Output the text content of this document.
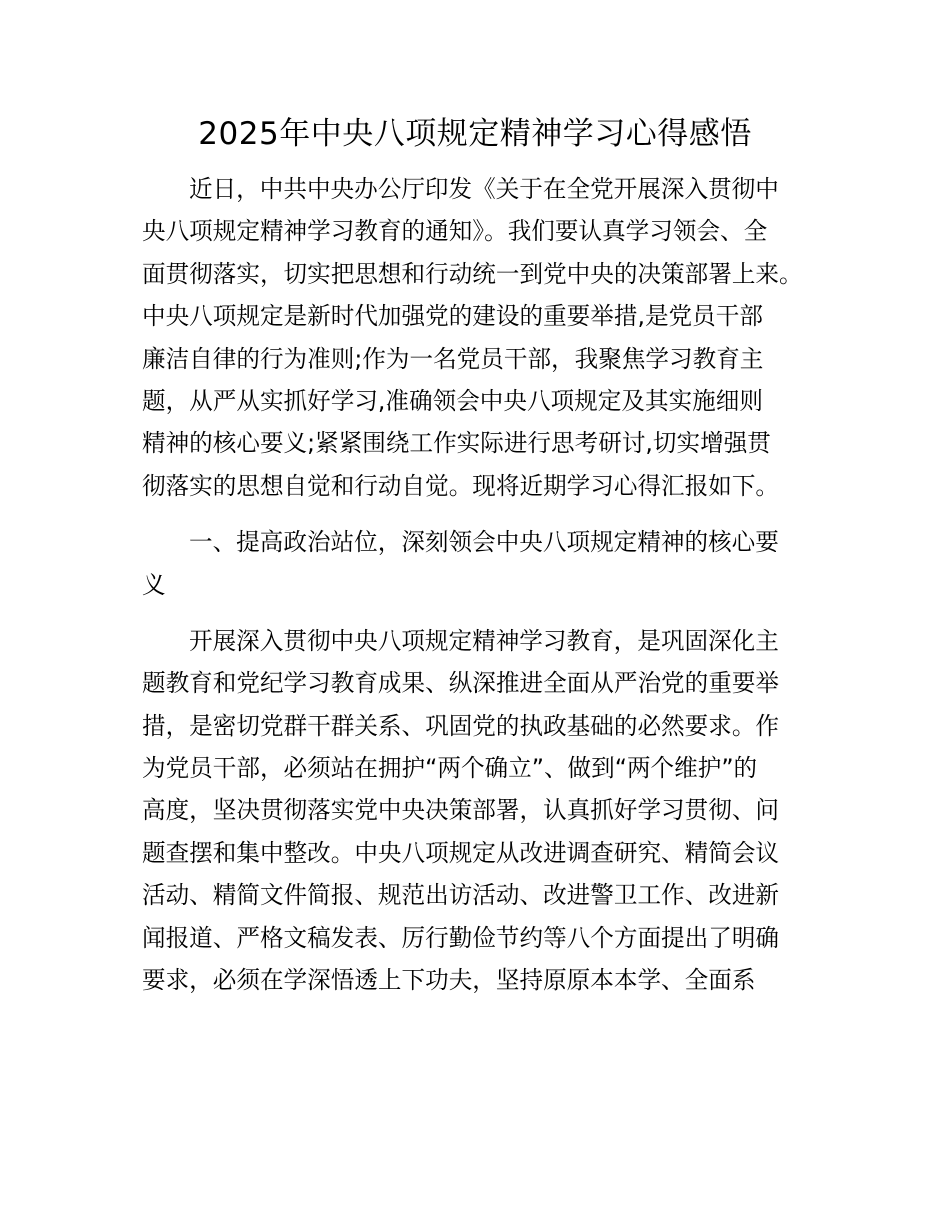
2025年中央八项规定精神学习心得感悟
近日，中共中央办公厅印发《关于在全党开展深入贯彻中
央八项规定精神学习教育的通知》。我们要认真学习领会、全
面贯彻落实，切实把思想和行动统一到党中央的决策部署上来。
中央八项规定是新时代加强党的建设的重要举措,是党员干部
廉洁自律的行为准则;作为一名党员干部，我聚焦学习教育主
题，从严从实抓好学习,准确领会中央八项规定及其实施细则
精神的核心要义;紧紧围绕工作实际进行思考研讨,切实增强贯
彻落实的思想自觉和行动自觉。现将近期学习心得汇报如下。
一、提高政治站位，深刻领会中央八项规定精神的核心要
义
开展深入贯彻中央八项规定精神学习教育，是巩固深化主
题教育和党纪学习教育成果、纵深推进全面从严治党的重要举
措，是密切党群干群关系、巩固党的执政基础的必然要求。作
为党员干部，必须站在拥护“两个确立”、做到“两个维护”的
高度，坚决贯彻落实党中央决策部署，认真抓好学习贯彻、问
题查摆和集中整改。中央八项规定从改进调查研究、精简会议
活动、精简文件简报、规范出访活动、改进警卫工作、改进新
闻报道、严格文稿发表、厉行勤俭节约等八个方面提出了明确
要求，必须在学深悟透上下功夫，坚持原原本本学、全面系
